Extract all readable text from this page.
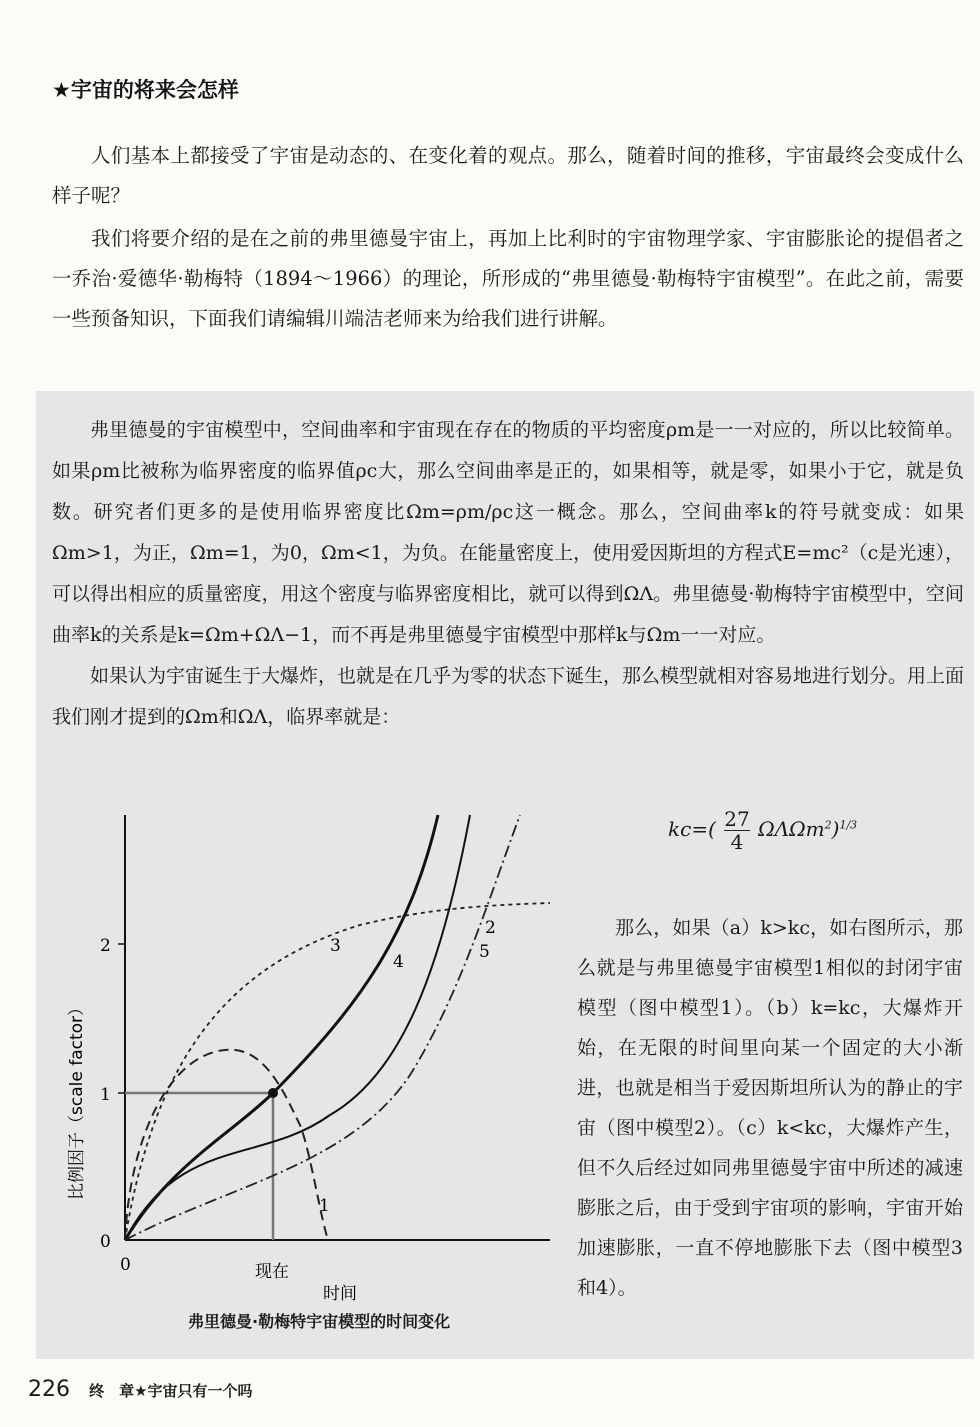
★宇宙的将来会怎样

人们基本上都接受了宇宙是动态的、在变化着的观点。那么，随着时间的推移，宇宙最终会变成什么样子呢？

我们将要介绍的是在之前的弗里德曼宇宙上，再加上比利时的宇宙物理学家、宇宙膨胀论的提倡者之一乔治·爱德华·勒梅特（1894～1966）的理论，所形成的“弗里德曼·勒梅特宇宙模型”。在此之前，需要一些预备知识，下面我们请编辑川端洁老师来为给我们进行讲解。

弗里德曼的宇宙模型中，空间曲率和宇宙现在存在的物质的平均密度ρm是一一对应的，所以比较简单。如果ρm比被称为临界密度的临界值ρc大，那么空间曲率是正的，如果相等，就是零，如果小于它，就是负数。研究者们更多的是使用临界密度比Ωm=ρm/ρc这一概念。那么，空间曲率k的符号就变成：如果Ωm>1，为正，Ωm=1，为0，Ωm<1，为负。在能量密度上，使用爱因斯坦的方程式E=mc²（c是光速），可以得出相应的质量密度，用这个密度与临界密度相比，就可以得到ΩΛ。弗里德曼·勒梅特宇宙模型中，空间曲率k的关系是k=Ωm+ΩΛ−1，而不再是弗里德曼宇宙模型中那样k与Ωm一一对应。

如果认为宇宙诞生于大爆炸，也就是在几乎为零的状态下诞生，那么模型就相对容易地进行划分。用上面我们刚才提到的Ωm和ΩΛ，临界率就是：

$kc=( \frac{27}{4} \Omega\Lambda\Omega m^2)^{1/3}$

那么，如果（a）k>kc，如右图所示，那么就是与弗里德曼宇宙模型1相似的封闭宇宙模型（图中模型1）。（b）k=kc，大爆炸开始，在无限的时间里向某一个固定的大小渐进，也就是相当于爱因斯坦所认为的静止的宇宙（图中模型2）。（c）k<kc，大爆炸产生，但不久后经过如同弗里德曼宇宙中所述的减速膨胀之后，由于受到宇宙项的影响，宇宙开始加速膨胀，一直不停地膨胀下去（图中模型3和4）。

0
1
2
0	现在
时间
比例因子（scale factor）
1
2
3
4	5
弗里德曼·勒梅特宇宙模型的时间变化
226 终　章★宇宙只有一个吗
